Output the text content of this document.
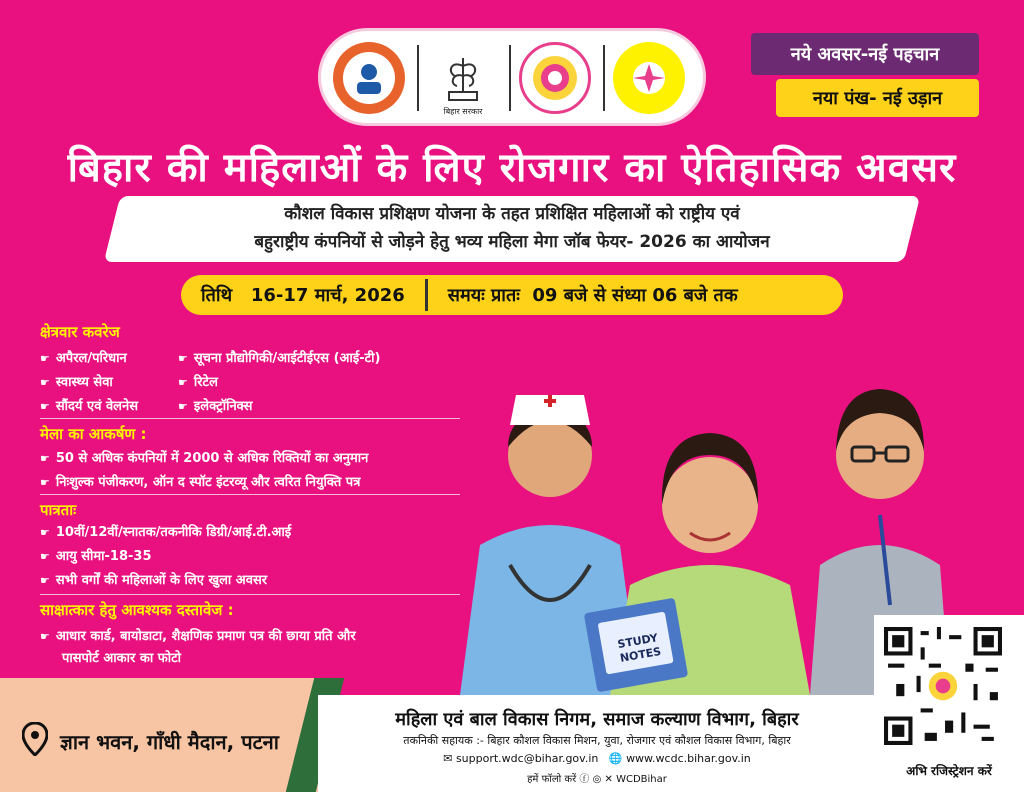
बिहार सरकार
नये अवसर-नई पहचान
नया पंख- नई उड़ान
बिहार की महिलाओं के लिए रोजगार का ऐतिहासिक अवसर
कौशल विकास प्रशिक्षण योजना के तहत प्रशिक्षित महिलाओं को राष्ट्रीय एवं
बहुराष्ट्रीय कंपनियों से जोड़ने हेतु भव्य महिला मेगा जॉब फेयर- 2026 का आयोजन
तिथि   16-17 मार्च, 2026	समयः प्रातः  09 बजे से संध्या 06 बजे तक
क्षेत्रवार कवरेज
☛ अपैरल/परिधान
☛ स्वास्थ्य सेवा
☛ सौंदर्य एवं वेलनेस
☛ सूचना प्रौद्योगिकी/आईटीईएस (आई-टी)
☛ रिटेल
☛ इलेक्ट्रॉनिक्स
मेला का आकर्षण :
☛ 50 से अधिक कंपनियों में 2000 से अधिक रिक्तियों का अनुमान
☛ निःशुल्क पंजीकरण, ऑन द स्पॉट इंटरव्यू और त्वरित नियुक्ति पत्र
पात्रताः
☛ 10वीं/12वीं/स्नातक/तकनीकि डिग्री/आई.टी.आई
☛ आयु सीमा-18-35
☛ सभी वर्गों की महिलाओं के लिए खुला अवसर
साक्षात्कार हेतु आवश्यक दस्तावेज :
☛ आधार कार्ड, बायोडाटा, शैक्षणिक प्रमाण पत्र की छाया प्रति और
पासपोर्ट आकार का फोटो
STUDY
NOTES
ज्ञान भवन, गाँधी मैदान, पटना
महिला एवं बाल विकास निगम, समाज कल्याण विभाग, बिहार
तकनिकी सहायक :- बिहार कौशल विकास मिशन, युवा, रोजगार एवं कौशल विकास विभाग, बिहार
✉ support.wdc@bihar.gov.in 🌐 www.wcdc.bihar.gov.in
हमें फॉलो करें ⓕ ◎ ✕ WCDBihar
अभि रजिस्ट्रेशन करें
